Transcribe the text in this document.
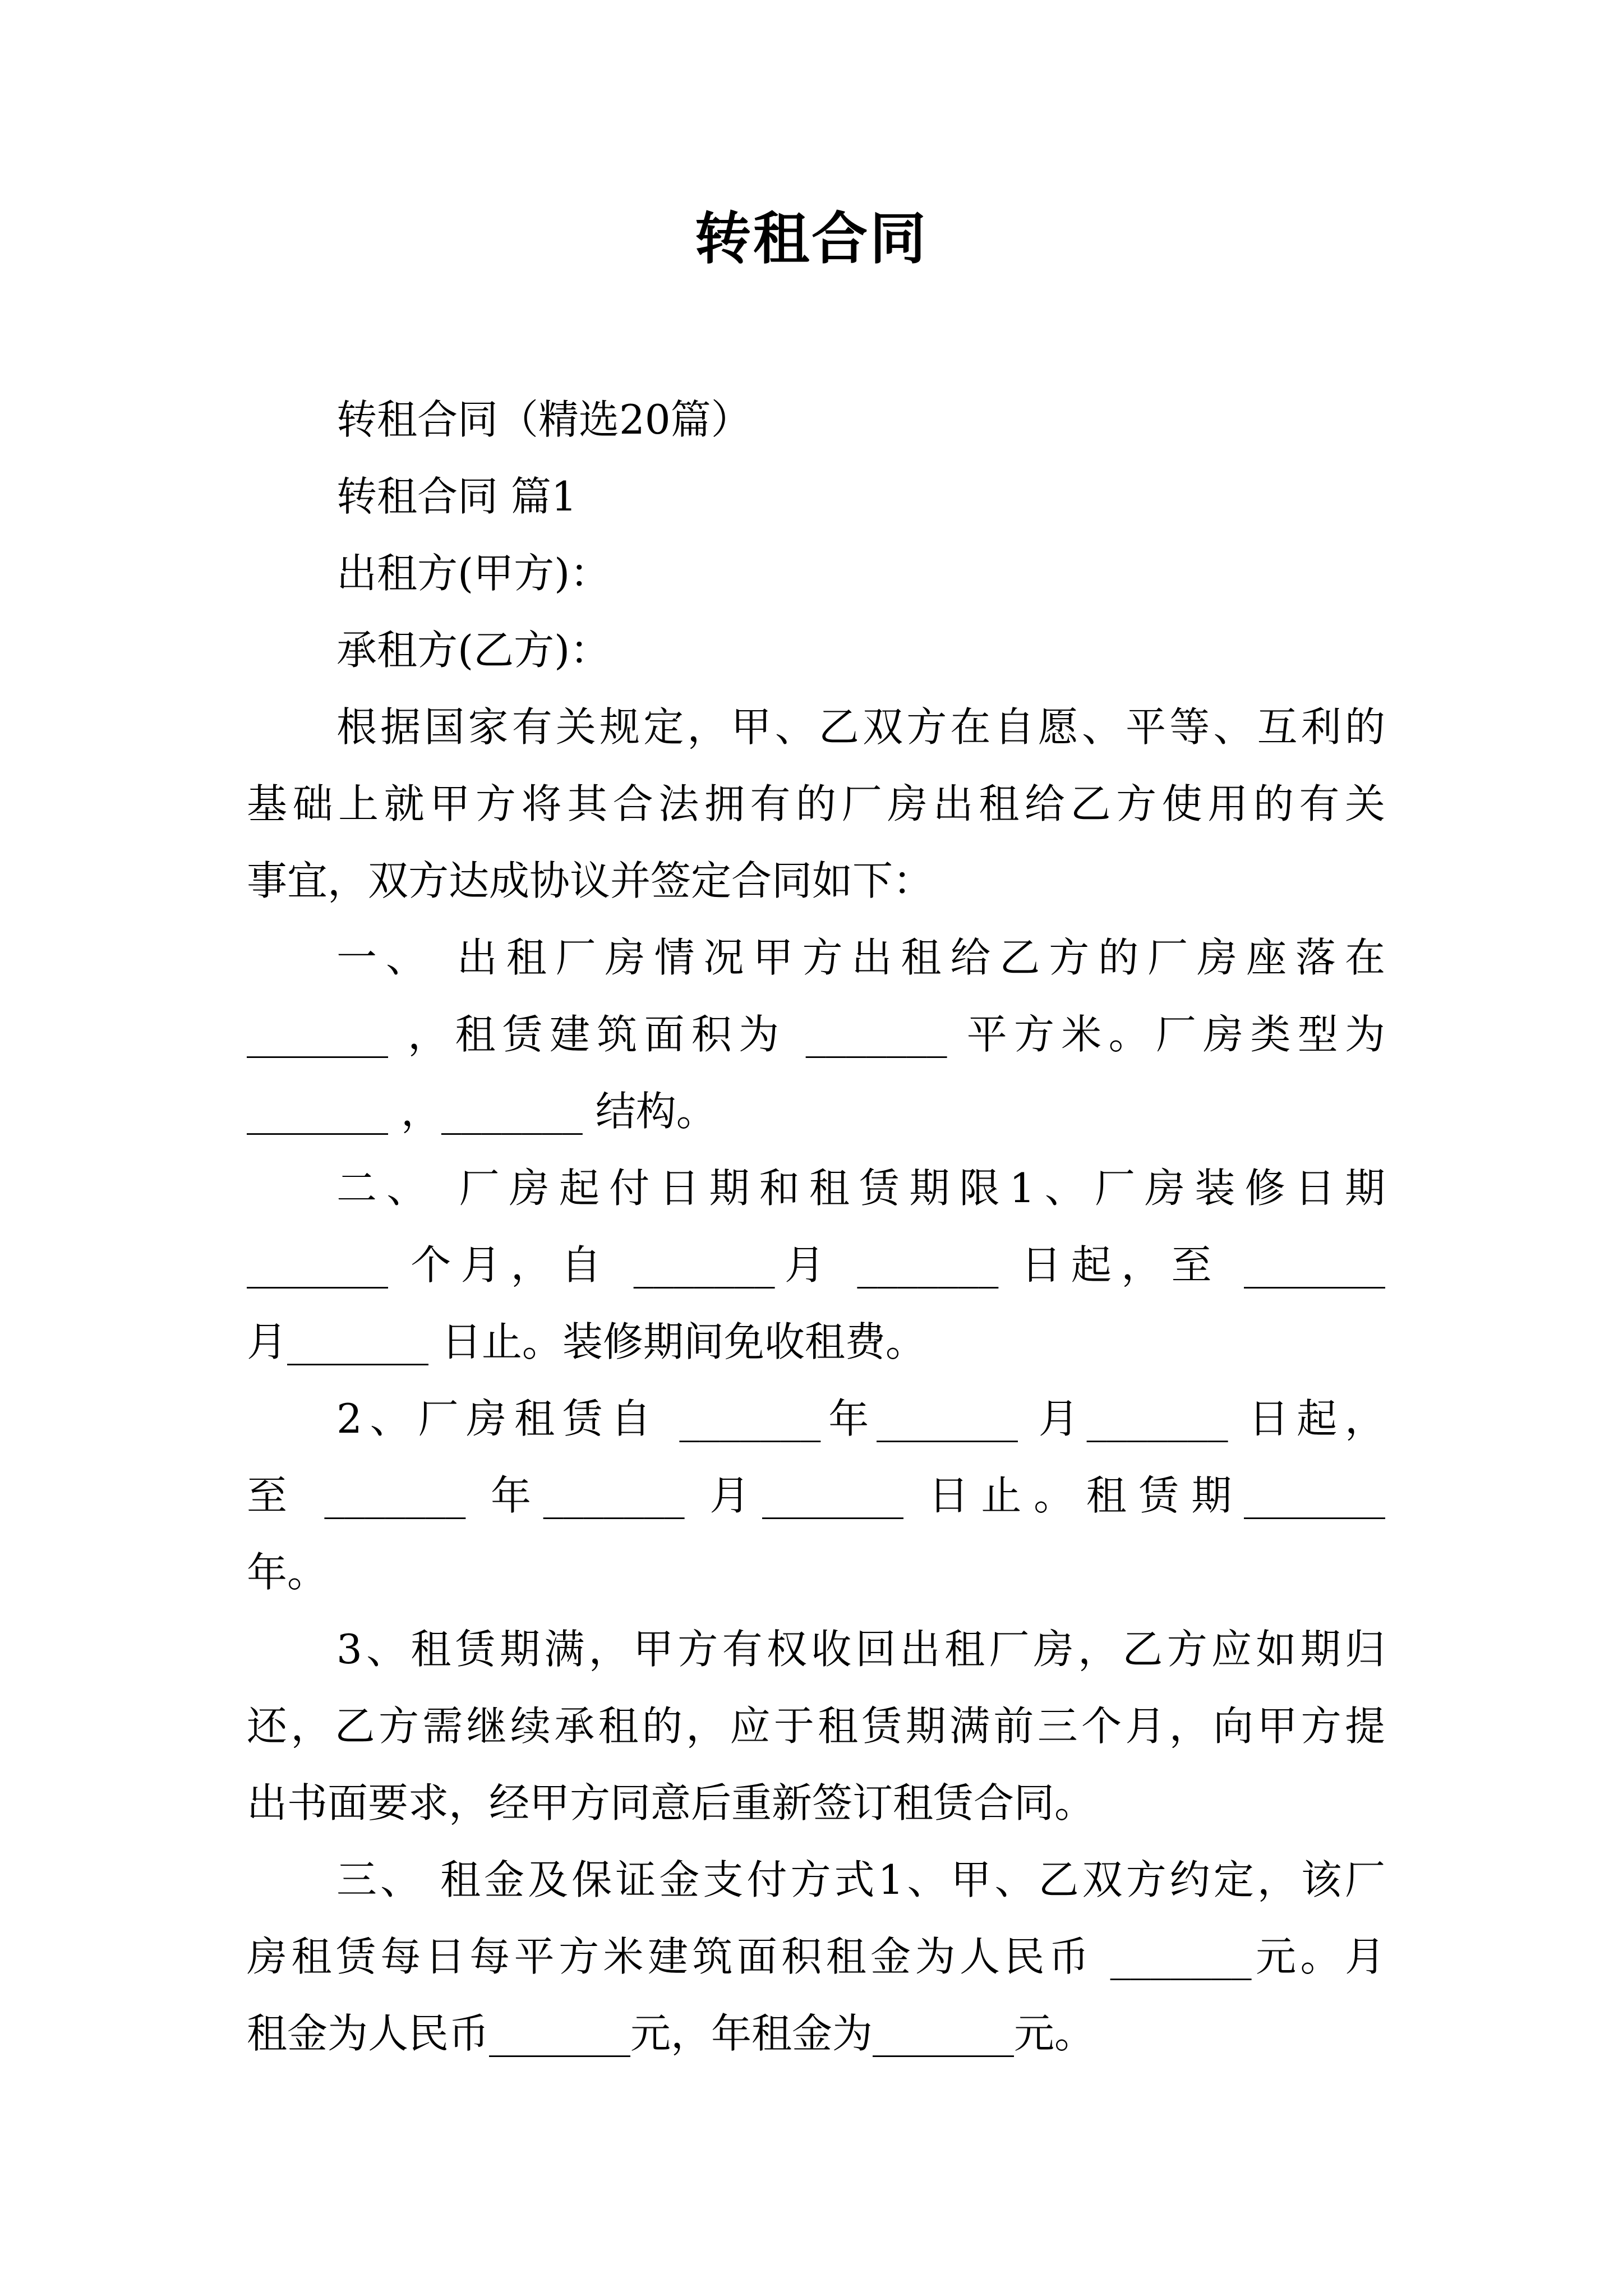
转租合同
转租合同（精选20篇）
转租合同 篇1
出租方(甲方)：
承租方(乙方)：
根据国家有关规定，甲、乙双方在自愿、平等、互利的
基础上就甲方将其合法拥有的厂房出租给乙方使用的有关
事宜，双方达成协议并签定合同如下：
一、 出租厂房情况甲方出租给乙方的厂房座落在
_______ ，租赁建筑面积为 _______ 平方米。厂房类型为
_______ ，_______ 结构。
二、 厂房起付日期和租赁期限1、厂房装修日期
_______ 个月，自 _______月 _______ 日起，至 _______
月_______ 日止。装修期间免收租费。
2、厂房租赁自 _______年_______ 月_______ 日起，
至 _______ 年_______ 月_______ 日止。租赁期_______
年。
3、租赁期满，甲方有权收回出租厂房，乙方应如期归
还，乙方需继续承租的，应于租赁期满前三个月，向甲方提
出书面要求，经甲方同意后重新签订租赁合同。
三、 租金及保证金支付方式1、甲、乙双方约定，该厂
房租赁每日每平方米建筑面积租金为人民币 _______元。月
租金为人民币_______元，年租金为_______元。
